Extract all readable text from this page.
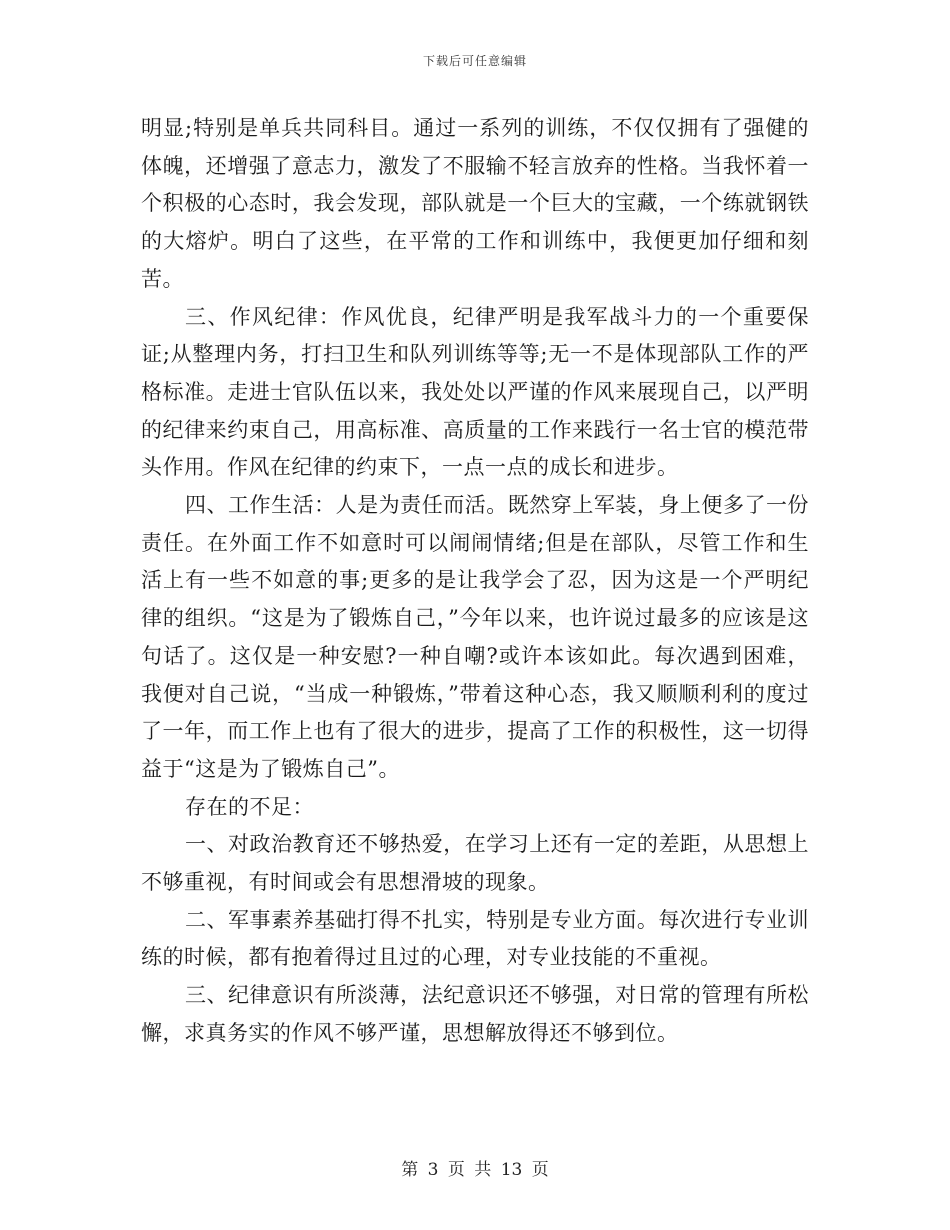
下载后可任意编辑

明显;特别是单兵共同科目。通过一系列的训练，不仅仅拥有了强健的体魄，还增强了意志力，激发了不服输不轻言放弃的性格。当我怀着一个积极的心态时，我会发现，部队就是一个巨大的宝藏，一个练就钢铁的大熔炉。明白了这些，在平常的工作和训练中，我便更加仔细和刻苦。

三、作风纪律：作风优良，纪律严明是我军战斗力的一个重要保证;从整理内务，打扫卫生和队列训练等等;无一不是体现部队工作的严格标准。走进士官队伍以来，我处处以严谨的作风来展现自己，以严明的纪律来约束自己，用高标准、高质量的工作来践行一名士官的模范带头作用。作风在纪律的约束下，一点一点的成长和进步。

四、工作生活：人是为责任而活。既然穿上军装，身上便多了一份责任。在外面工作不如意时可以闹闹情绪;但是在部队，尽管工作和生活上有一些不如意的事;更多的是让我学会了忍，因为这是一个严明纪律的组织。“这是为了锻炼自己，”今年以来，也许说过最多的应该是这句话了。这仅是一种安慰?一种自嘲?或许本该如此。每次遇到困难，我便对自己说，“当成一种锻炼，”带着这种心态，我又顺顺利利的度过了一年，而工作上也有了很大的进步，提高了工作的积极性，这一切得益于“这是为了锻炼自己”。

存在的不足：

一、对政治教育还不够热爱，在学习上还有一定的差距，从思想上不够重视，有时间或会有思想滑坡的现象。

二、军事素养基础打得不扎实，特别是专业方面。每次进行专业训练的时候，都有抱着得过且过的心理，对专业技能的不重视。

三、纪律意识有所淡薄，法纪意识还不够强，对日常的管理有所松懈，求真务实的作风不够严谨，思想解放得还不够到位。

第 3 页 共 13 页
